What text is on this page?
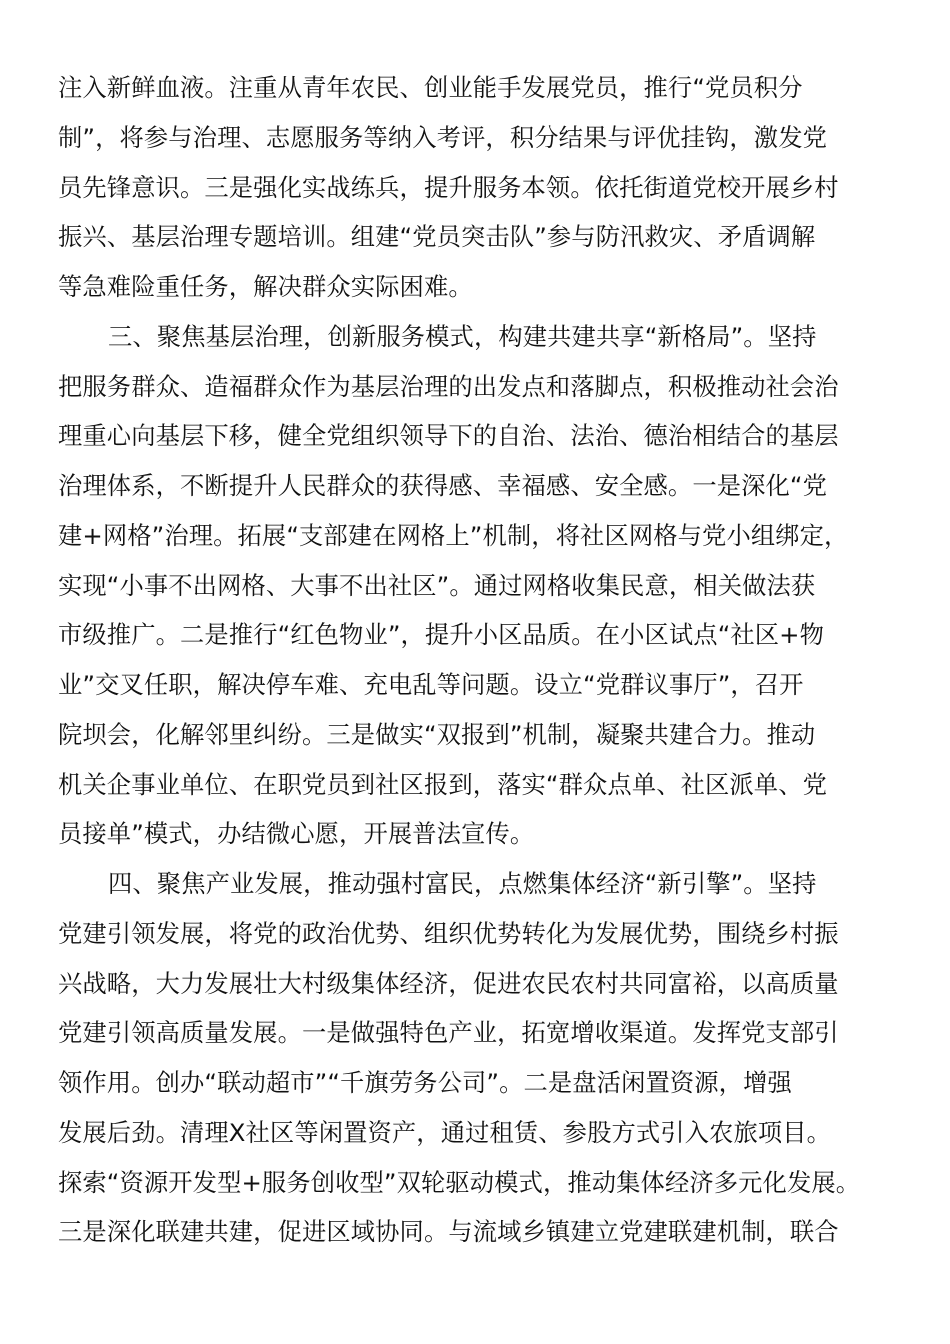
注入新鲜血液。注重从青年农民、创业能手发展党员，推行“党员积分
制”，将参与治理、志愿服务等纳入考评，积分结果与评优挂钩，激发党
员先锋意识。三是强化实战练兵，提升服务本领。依托街道党校开展乡村
振兴、基层治理专题培训。组建“党员突击队”参与防汛救灾、矛盾调解
等急难险重任务，解决群众实际困难。
三、聚焦基层治理，创新服务模式，构建共建共享“新格局”。坚持
把服务群众、造福群众作为基层治理的出发点和落脚点，积极推动社会治
理重心向基层下移，健全党组织领导下的自治、法治、德治相结合的基层
治理体系，不断提升人民群众的获得感、幸福感、安全感。一是深化“党
建+网格”治理。拓展“支部建在网格上”机制，将社区网格与党小组绑定，
实现“小事不出网格、大事不出社区”。通过网格收集民意，相关做法获
市级推广。二是推行“红色物业”，提升小区品质。在小区试点“社区+物
业”交叉任职，解决停车难、充电乱等问题。设立“党群议事厅”，召开
院坝会，化解邻里纠纷。三是做实“双报到”机制，凝聚共建合力。推动
机关企事业单位、在职党员到社区报到，落实“群众点单、社区派单、党
员接单”模式，办结微心愿，开展普法宣传。
四、聚焦产业发展，推动强村富民，点燃集体经济“新引擎”。坚持
党建引领发展，将党的政治优势、组织优势转化为发展优势，围绕乡村振
兴战略，大力发展壮大村级集体经济，促进农民农村共同富裕，以高质量
党建引领高质量发展。一是做强特色产业，拓宽增收渠道。发挥党支部引
领作用。创办“联动超市”“千旗劳务公司”。二是盘活闲置资源，增强
发展后劲。清理X社区等闲置资产，通过租赁、参股方式引入农旅项目。
探索“资源开发型+服务创收型”双轮驱动模式，推动集体经济多元化发展。
三是深化联建共建，促进区域协同。与流域乡镇建立党建联建机制，联合
